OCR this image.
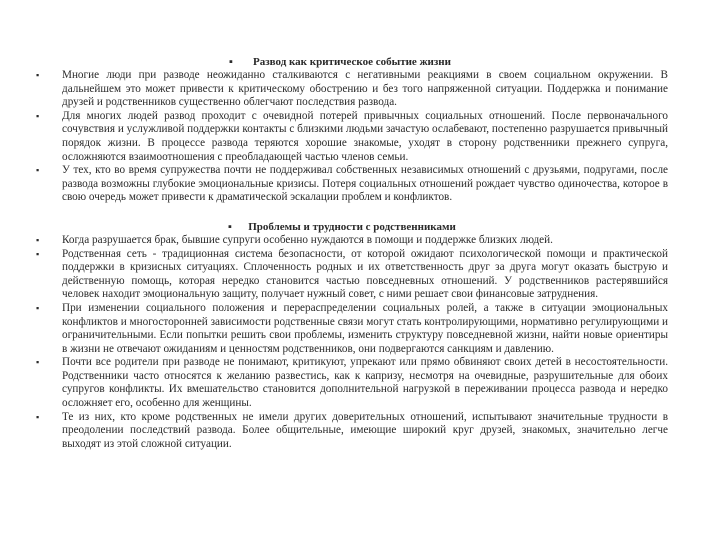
▪ Развод как критическое событие жизни
▪ Многие люди при разводе неожиданно сталкиваются с негативными реакциями в своем социальном окружении. В дальнейшем это может привести к критическому обострению и без того напряженной ситуации. Поддержка и понимание друзей и родственников существенно облегчают последствия развода.
▪ Для многих людей развод проходит с очевидной потерей привычных социальных отношений. После первоначального сочувствия и услужливой поддержки контакты с близкими людьми зачастую ослабевают, постепенно разрушается привычный порядок жизни. В процессе развода теряются хорошие знакомые, уходят в сторону родственники прежнего супруга, осложняются взаимоотношения с преобладающей частью членов семьи.
▪ У тех, кто во время супружества почти не поддерживал собственных независимых отношений с друзьями, подругами, после развода возможны глубокие эмоциональные кризисы. Потеря социальных отношений рождает чувство одиночества, которое в свою очередь может привести к драматической эскалации проблем и конфликтов.
▪ Проблемы и трудности с родственниками
▪ Когда разрушается брак, бывшие супруги особенно нуждаются в помощи и поддержке близких людей.
▪ Родственная сеть - традиционная система безопасности, от которой ожидают психологической помощи и практической поддержки в кризисных ситуациях. Сплоченность родных и их ответственность друг за друга могут оказать быструю и действенную помощь, которая нередко становится частью повседневных отношений. У родственников растерявшийся человек находит эмоциональную защиту, получает нужный совет, с ними решает свои финансовые затруднения.
▪ При изменении социального положения и перераспределении социальных ролей, а также в ситуации эмоциональных конфликтов и многосторонней зависимости родственные связи могут стать контролирующими, нормативно регулирующими и ограничительными. Если попытки решить свои проблемы, изменить структуру повседневной жизни, найти новые ориентиры в жизни не отвечают ожиданиям и ценностям родственников, они подвергаются санкциям и давлению.
▪ Почти все родители при разводе не понимают, критикуют, упрекают или прямо обвиняют своих детей в несостоятельности. Родственники часто относятся к желанию развестись, как к капризу, несмотря на очевидные, разрушительные для обоих супругов конфликты. Их вмешательство становится дополнительной нагрузкой в переживании процесса развода и нередко осложняет его, особенно для женщины.
▪ Те из них, кто кроме родственных не имели других доверительных отношений, испытывают значительные трудности в преодолении последствий развода. Более общительные, имеющие широкий круг друзей, знакомых, значительно легче выходят из этой сложной ситуации.
